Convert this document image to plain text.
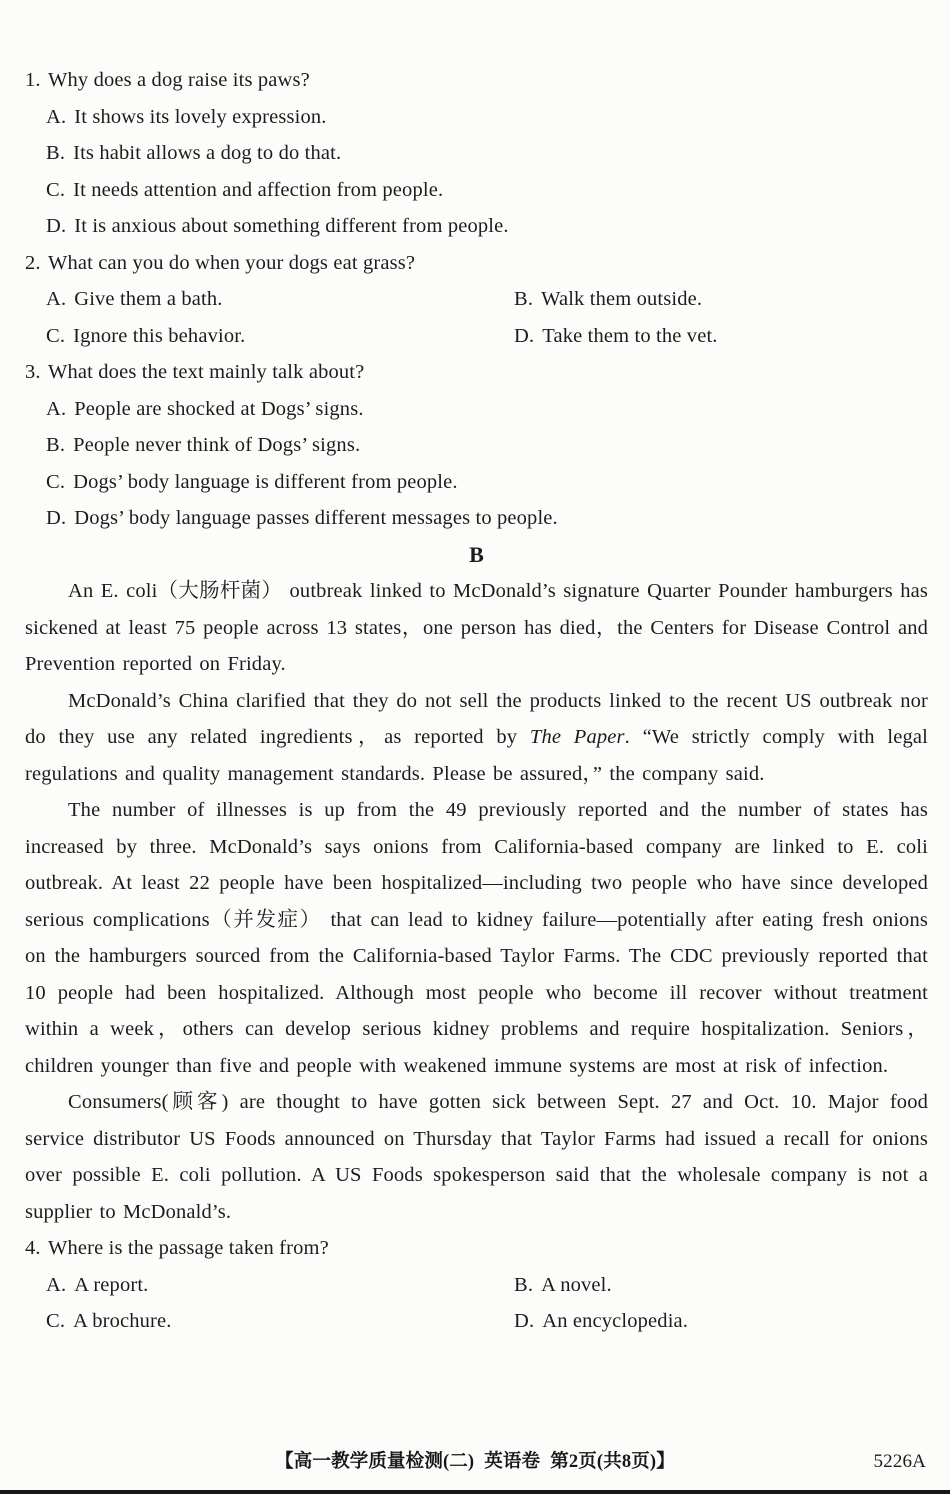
1. Why does a dog raise its paws?
A. It shows its lovely expression.
B. Its habit allows a dog to do that.
C. It needs attention and affection from people.
D. It is anxious about something different from people.
2. What can you do when your dogs eat grass?
A. Give them a bath.	B. Walk them outside.
C. Ignore this behavior.	D. Take them to the vet.
3. What does the text mainly talk about?
A. People are shocked at Dogs’ signs.
B. People never think of Dogs’ signs.
C. Dogs’ body language is different from people.
D. Dogs’ body language passes different messages to people.
B
An E. coli（大肠杆菌） outbreak linked to McDonald’s signature Quarter Pounder hamburgers has sickened at least 75 people across 13 states，one person has died，the Centers for Disease Control and Prevention reported on Friday.
McDonald’s China clarified that they do not sell the products linked to the recent US outbreak nor do they use any related ingredients，as reported by The Paper. “We strictly comply with legal regulations and quality management standards. Please be assured，” the company said.
The number of illnesses is up from the 49 previously reported and the number of states has increased by three. McDonald’s says onions from California-based company are linked to E. coli outbreak. At least 22 people have been hospitalized—including two people who have since developed serious complications（并发症） that can lead to kidney failure—potentially after eating fresh onions on the hamburgers sourced from the California-based Taylor Farms. The CDC previously reported that 10 people had been hospitalized. Although most people who become ill recover without treatment within a week，others can develop serious kidney problems and require hospitalization. Seniors，children younger than five and people with weakened immune systems are most at risk of infection.
Consumers(顾客) are thought to have gotten sick between Sept. 27 and Oct. 10. Major food service distributor US Foods announced on Thursday that Taylor Farms had issued a recall for onions over possible E. coli pollution. A US Foods spokesperson said that the wholesale company is not a supplier to McDonald’s.
4. Where is the passage taken from?
A. A report.	B. A novel.
C. A brochure.	D. An encyclopedia.
【高一教学质量检测(二) 英语卷 第2页(共8页)】	5226A
